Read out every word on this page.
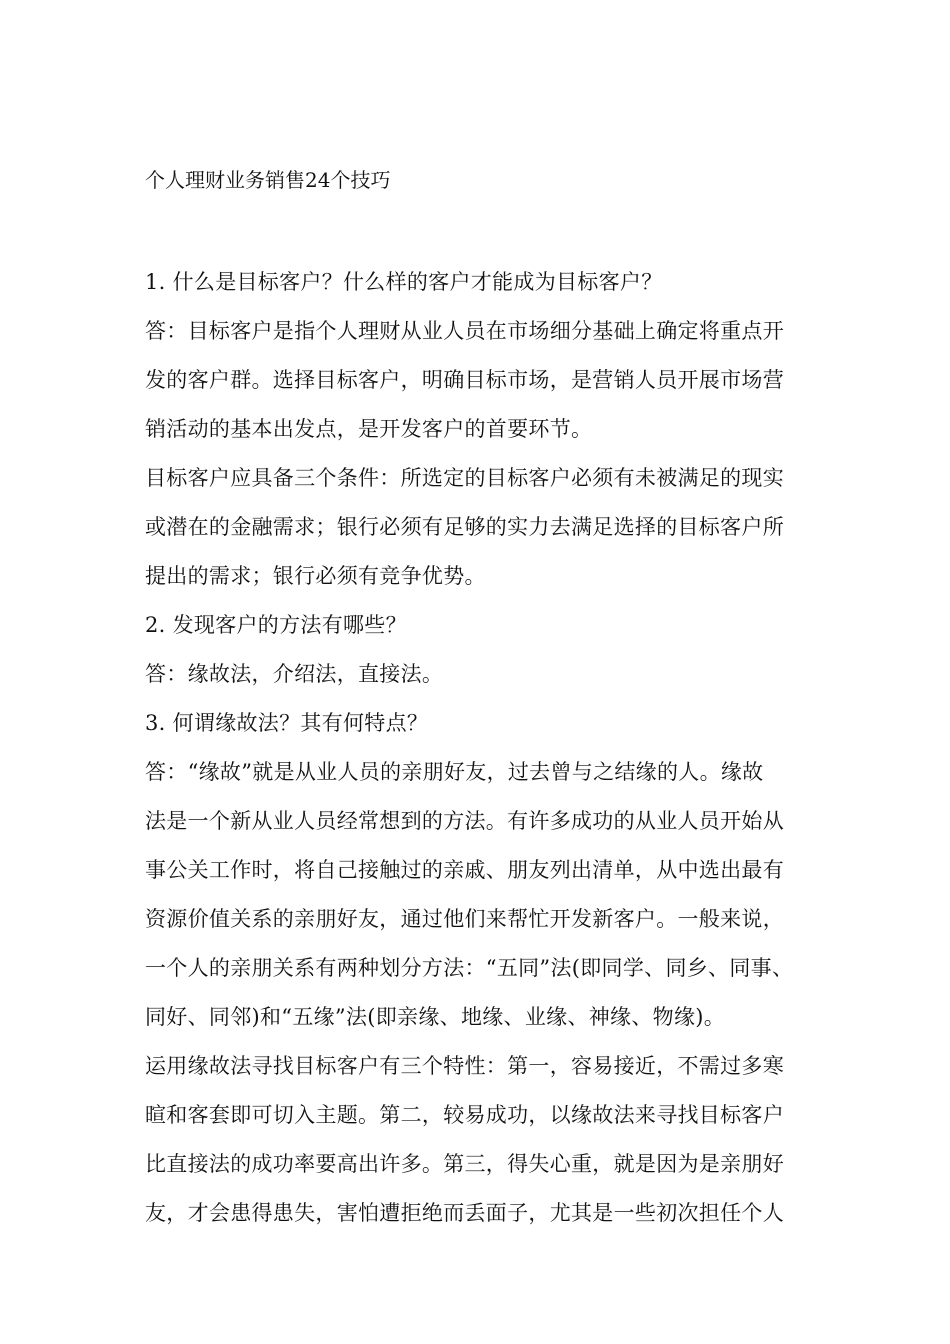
个人理财业务销售24个技巧
1. 什么是目标客户？什么样的客户才能成为目标客户？
答：目标客户是指个人理财从业人员在市场细分基础上确定将重点开
发的客户群。选择目标客户，明确目标市场，是营销人员开展市场营
销活动的基本出发点，是开发客户的首要环节。
目标客户应具备三个条件：所选定的目标客户必须有未被满足的现实
或潜在的金融需求；银行必须有足够的实力去满足选择的目标客户所
提出的需求；银行必须有竞争优势。
2. 发现客户的方法有哪些？
答：缘故法，介绍法，直接法。
3. 何谓缘故法？其有何特点？
答：“缘故”就是从业人员的亲朋好友，过去曾与之结缘的人。缘故
法是一个新从业人员经常想到的方法。有许多成功的从业人员开始从
事公关工作时，将自己接触过的亲戚、朋友列出清单，从中选出最有
资源价值关系的亲朋好友，通过他们来帮忙开发新客户。一般来说，
一个人的亲朋关系有两种划分方法：“五同”法(即同学、同乡、同事、
同好、同邻)和“五缘”法(即亲缘、地缘、业缘、神缘、物缘)。
运用缘故法寻找目标客户有三个特性：第一，容易接近，不需过多寒
暄和客套即可切入主题。第二，较易成功，以缘故法来寻找目标客户
比直接法的成功率要高出许多。第三，得失心重，就是因为是亲朋好
友，才会患得患失，害怕遭拒绝而丢面子，尤其是一些初次担任个人
